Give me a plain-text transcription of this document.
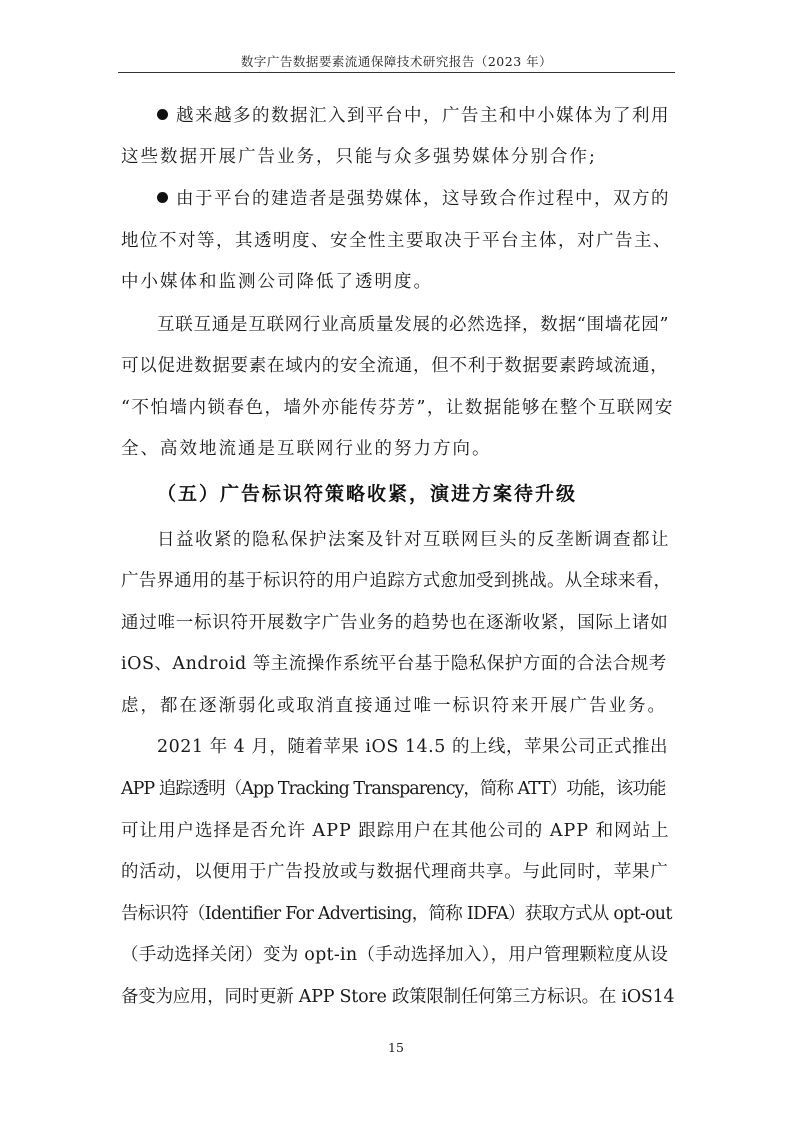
数字广告数据要素流通保障技术研究报告（2023 年）
越来越多的数据汇入到平台中，广告主和中小媒体为了利用
这些数据开展广告业务，只能与众多强势媒体分别合作;
由于平台的建造者是强势媒体，这导致合作过程中，双方的
地位不对等，其透明度、安全性主要取决于平台主体，对广告主、
中小媒体和监测公司降低了透明度。
互联互通是互联网行业高质量发展的必然选择，数据“围墙花园”
可以促进数据要素在域内的安全流通，但不利于数据要素跨域流通，
“不怕墙内锁春色，墙外亦能传芬芳”，让数据能够在整个互联网安
全、高效地流通是互联网行业的努力方向。
（五）广告标识符策略收紧，演进方案待升级
日益收紧的隐私保护法案及针对互联网巨头的反垄断调查都让
广告界通用的基于标识符的用户追踪方式愈加受到挑战。从全球来看，
通过唯一标识符开展数字广告业务的趋势也在逐渐收紧，国际上诸如
iOS、Android 等主流操作系统平台基于隐私保护方面的合法合规考
虑，都在逐渐弱化或取消直接通过唯一标识符来开展广告业务。
2021 年 4 月，随着苹果 iOS 14.5 的上线，苹果公司正式推出
APP 追踪透明（App Tracking Transparency，简称 ATT）功能，该功能
可让用户选择是否允许 APP 跟踪用户在其他公司的 APP 和网站上
的活动，以便用于广告投放或与数据代理商共享。与此同时，苹果广
告标识符（Identifier For Advertising，简称 IDFA）获取方式从 opt-out
（手动选择关闭）变为 opt-in（手动选择加入），用户管理颗粒度从设
备变为应用，同时更新 APP Store 政策限制任何第三方标识。在 iOS14
15
